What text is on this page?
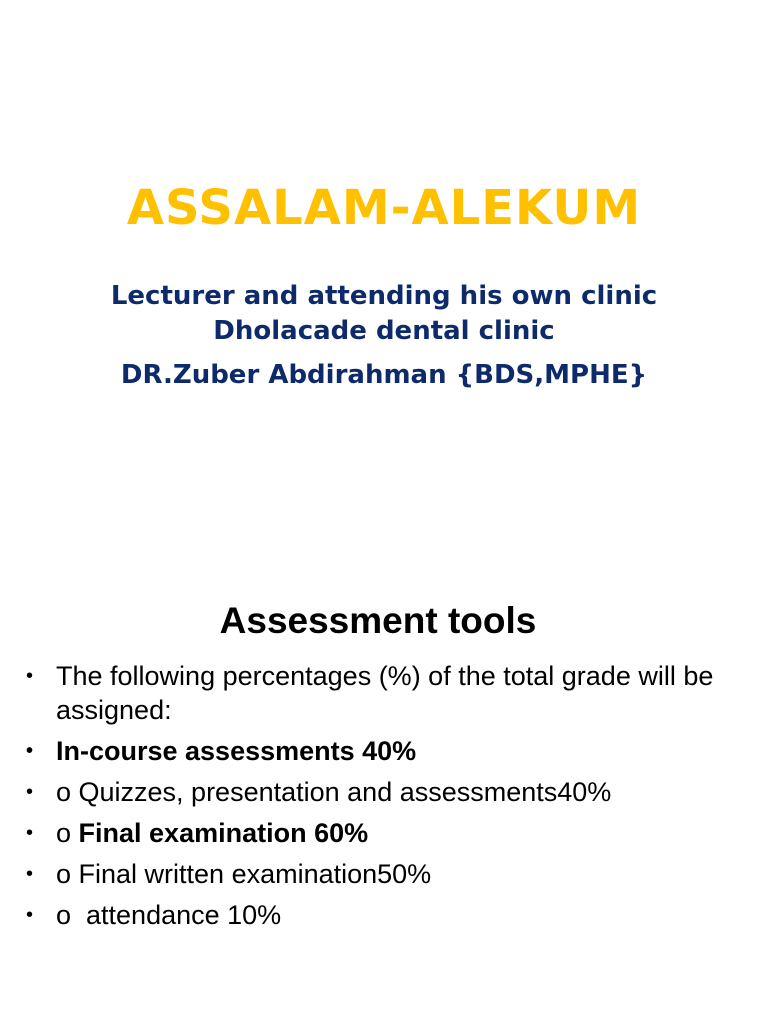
ASSALAM-ALEKUM

Lecturer and attending his own clinic

Dholacade dental clinic

DR.Zuber Abdirahman {BDS,MPHE}

Assessment tools
• The following percentages (%) of the total grade will be assigned:
• In-course assessments 40%
• o Quizzes, presentation and assessments40%
• o Final examination 60%
• o Final written examination50%
• o  attendance 10%
